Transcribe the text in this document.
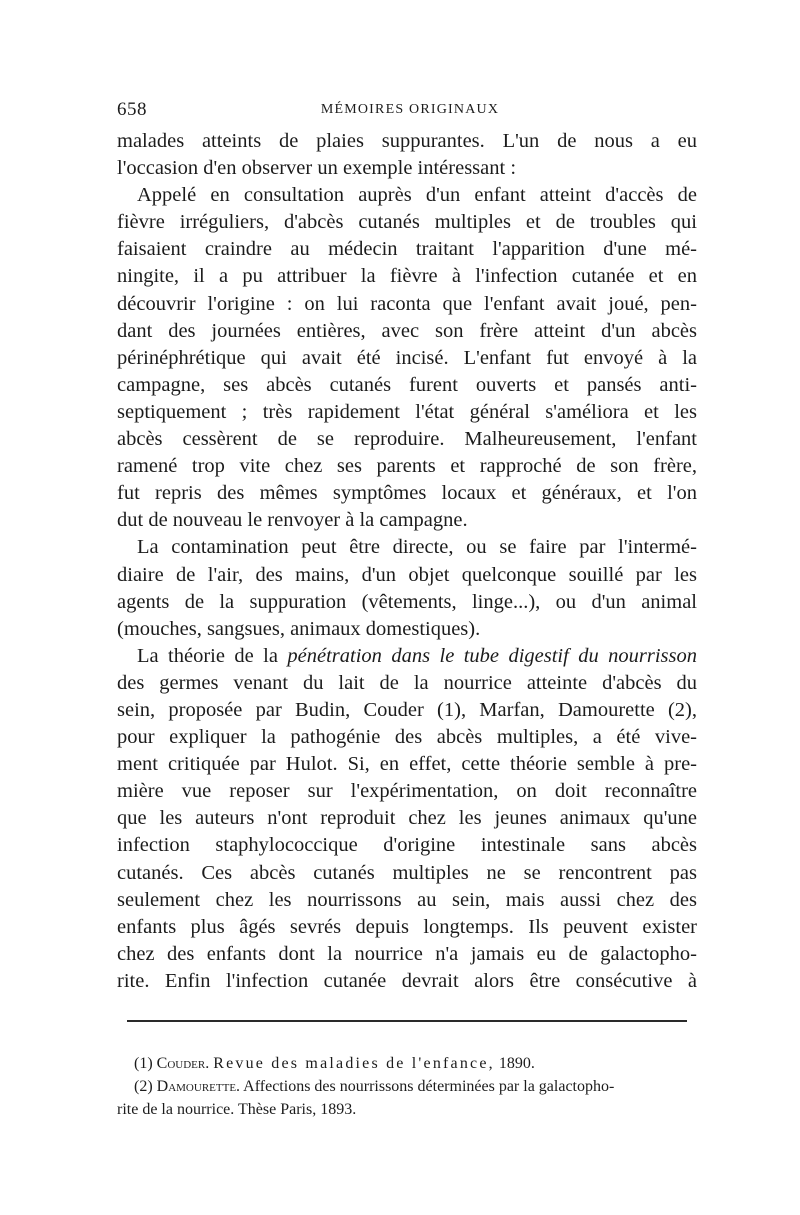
658	MÉMOIRES ORIGINAUX
malades atteints de plaies suppurantes. L'un de nous a eu
l'occasion d'en observer un exemple intéressant :
Appelé en consultation auprès d'un enfant atteint d'accès de
fièvre irréguliers, d'abcès cutanés multiples et de troubles qui
faisaient craindre au médecin traitant l'apparition d'une mé-
ningite, il a pu attribuer la fièvre à l'infection cutanée et en
découvrir l'origine : on lui raconta que l'enfant avait joué, pen-
dant des journées entières, avec son frère atteint d'un abcès
périnéphrétique qui avait été incisé. L'enfant fut envoyé à la
campagne, ses abcès cutanés furent ouverts et pansés anti-
septiquement ; très rapidement l'état général s'améliora et les
abcès cessèrent de se reproduire. Malheureusement, l'enfant
ramené trop vite chez ses parents et rapproché de son frère,
fut repris des mêmes symptômes locaux et généraux, et l'on
dut de nouveau le renvoyer à la campagne.
La contamination peut être directe, ou se faire par l'intermé-
diaire de l'air, des mains, d'un objet quelconque souillé par les
agents de la suppuration (vêtements, linge...), ou d'un animal
(mouches, sangsues, animaux domestiques).
La théorie de la pénétration dans le tube digestif du nourrisson
des germes venant du lait de la nourrice atteinte d'abcès du
sein, proposée par Budin, Couder (1), Marfan, Damourette (2),
pour expliquer la pathogénie des abcès multiples, a été vive-
ment critiquée par Hulot. Si, en effet, cette théorie semble à pre-
mière vue reposer sur l'expérimentation, on doit reconnaître
que les auteurs n'ont reproduit chez les jeunes animaux qu'une
infection staphylococcique d'origine intestinale sans abcès
cutanés. Ces abcès cutanés multiples ne se rencontrent pas
seulement chez les nourrissons au sein, mais aussi chez des
enfants plus âgés sevrés depuis longtemps. Ils peuvent exister
chez des enfants dont la nourrice n'a jamais eu de galactopho-
rite. Enfin l'infection cutanée devrait alors être consécutive à
(1) Couder. Revue des maladies de l'enfance, 1890.
(2) Damourette. Affections des nourrissons déterminées par la galactopho-
rite de la nourrice. Thèse Paris, 1893.
